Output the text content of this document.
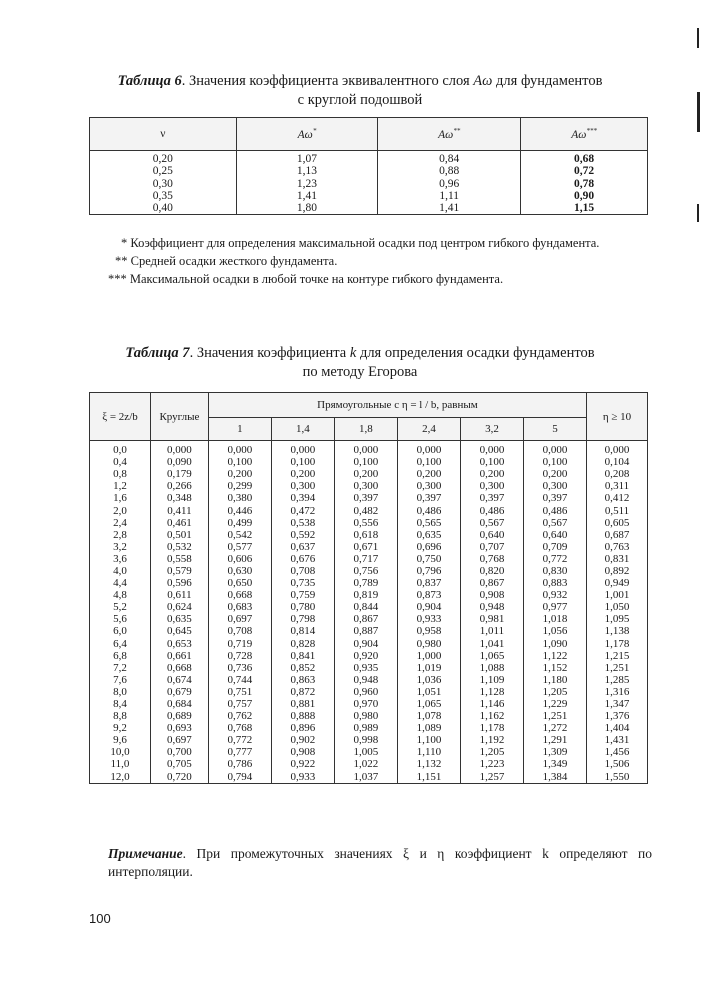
Таблица 6. Значения коэффициента эквивалентного слоя Aω для фундаментов
с круглой подошвой
ν	Aω*	Aω**	Aω***
0,20	1,07	0,84	0,68
0,25	1,13	0,88	0,72
0,30	1,23	0,96	0,78
0,35	1,41	1,11	0,90
0,40	1,80	1,41	1,15
* Коэффициент для определения максимальной осадки под центром гибкого фундамента.
** Средней осадки жесткого фундамента.
*** Максимальной осадки в любой точке на контуре гибкого фундамента.
Таблица 7. Значения коэффициента k для определения осадки фундаментов
по методу Егорова
ξ = 2z/b	Круглые	Прямоугольные с η = l / b, равным						η ≥ 10
		1	1,4	1,8	2,4	3,2	5	
0,0	0,000	0,000	0,000	0,000	0,000	0,000	0,000	0,000
0,4	0,090	0,100	0,100	0,100	0,100	0,100	0,100	0,104
0,8	0,179	0,200	0,200	0,200	0,200	0,200	0,200	0,208
1,2	0,266	0,299	0,300	0,300	0,300	0,300	0,300	0,311
1,6	0,348	0,380	0,394	0,397	0,397	0,397	0,397	0,412
2,0	0,411	0,446	0,472	0,482	0,486	0,486	0,486	0,511
2,4	0,461	0,499	0,538	0,556	0,565	0,567	0,567	0,605
2,8	0,501	0,542	0,592	0,618	0,635	0,640	0,640	0,687
3,2	0,532	0,577	0,637	0,671	0,696	0,707	0,709	0,763
3,6	0,558	0,606	0,676	0,717	0,750	0,768	0,772	0,831
4,0	0,579	0,630	0,708	0,756	0,796	0,820	0,830	0,892
4,4	0,596	0,650	0,735	0,789	0,837	0,867	0,883	0,949
4,8	0,611	0,668	0,759	0,819	0,873	0,908	0,932	1,001
5,2	0,624	0,683	0,780	0,844	0,904	0,948	0,977	1,050
5,6	0,635	0,697	0,798	0,867	0,933	0,981	1,018	1,095
6,0	0,645	0,708	0,814	0,887	0,958	1,011	1,056	1,138
6,4	0,653	0,719	0,828	0,904	0,980	1,041	1,090	1,178
6,8	0,661	0,728	0,841	0,920	1,000	1,065	1,122	1,215
7,2	0,668	0,736	0,852	0,935	1,019	1,088	1,152	1,251
7,6	0,674	0,744	0,863	0,948	1,036	1,109	1,180	1,285
8,0	0,679	0,751	0,872	0,960	1,051	1,128	1,205	1,316
8,4	0,684	0,757	0,881	0,970	1,065	1,146	1,229	1,347
8,8	0,689	0,762	0,888	0,980	1,078	1,162	1,251	1,376
9,2	0,693	0,768	0,896	0,989	1,089	1,178	1,272	1,404
9,6	0,697	0,772	0,902	0,998	1,100	1,192	1,291	1,431
10,0	0,700	0,777	0,908	1,005	1,110	1,205	1,309	1,456
11,0	0,705	0,786	0,922	1,022	1,132	1,223	1,349	1,506
12,0	0,720	0,794	0,933	1,037	1,151	1,257	1,384	1,550
Примечание. При промежуточных значениях ξ и η коэффициент k определяют по интерполяции.
100
